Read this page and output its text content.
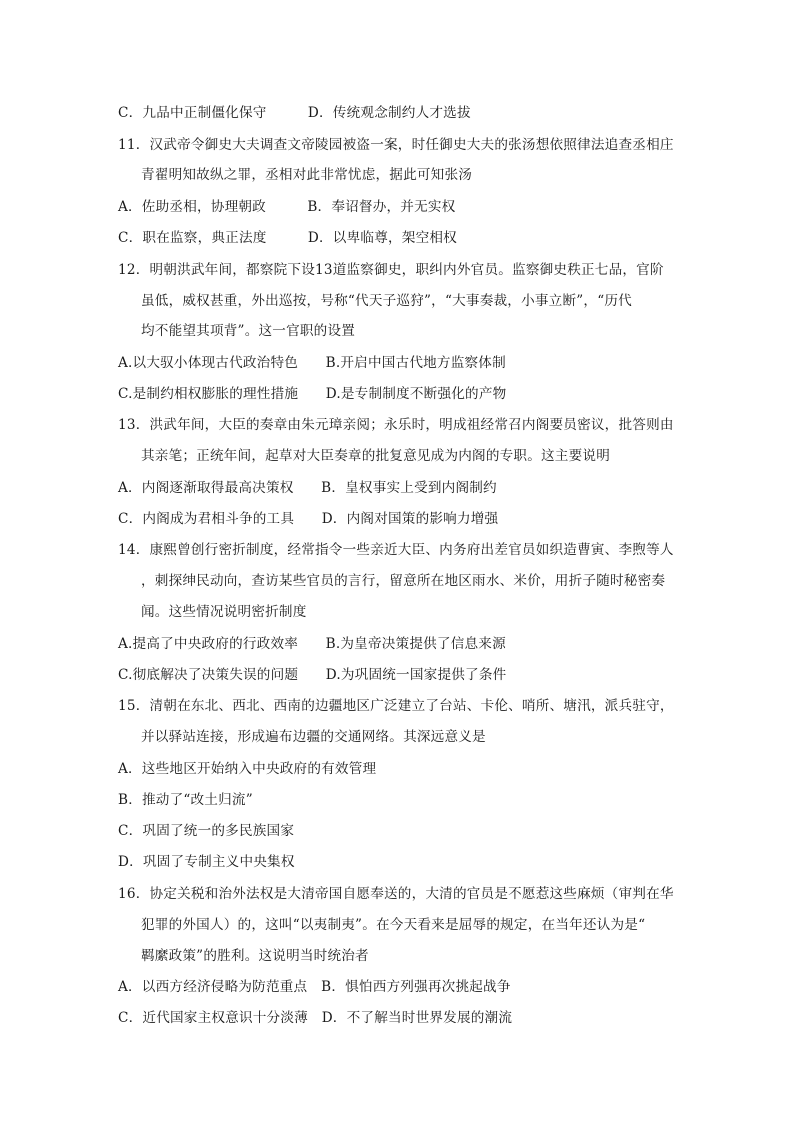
C．九品中正制僵化保守　　　D．传统观念制约人才选拔
11．汉武帝令御史大夫调查文帝陵园被盗一案，时任御史大夫的张汤想依照律法追查丞相庄
青翟明知故纵之罪，丞相对此非常忧虑，据此可知张汤
A．佐助丞相，协理朝政　　　B．奉诏督办，并无实权
C．职在监察，典正法度　　　D．以卑临尊，架空相权
12．明朝洪武年间，都察院下设13道监察御史，职纠内外官员。监察御史秩正七品，官阶
虽低，威权甚重，外出巡按，号称“代天子巡狩”，“大事奏裁，小事立断”，“历代
均不能望其项背”。这一官职的设置
A.以大驭小体现古代政治特色　　B.开启中国古代地方监察体制
C.是制约相权膨胀的理性措施　　D.是专制制度不断强化的产物
13．洪武年间，大臣的奏章由朱元璋亲阅；永乐时，明成祖经常召内阁要员密议，批答则由
其亲笔；正统年间，起草对大臣奏章的批复意见成为内阁的专职。这主要说明
A．内阁逐渐取得最高决策权　　B．皇权事实上受到内阁制约
C．内阁成为君相斗争的工具　　D．内阁对国策的影响力增强
14．康熙曾创行密折制度，经常指令一些亲近大臣、内务府出差官员如织造曹寅、李煦等人
，刺探绅民动向，查访某些官员的言行，留意所在地区雨水、米价，用折子随时秘密奏
闻。这些情况说明密折制度
A.提高了中央政府的行政效率　　B.为皇帝决策提供了信息来源
C.彻底解决了决策失误的问题　　D.为巩固统一国家提供了条件
15．清朝在东北、西北、西南的边疆地区广泛建立了台站、卡伦、哨所、塘汛，派兵驻守，
并以驿站连接，形成遍布边疆的交通网络。其深远意义是
A．这些地区开始纳入中央政府的有效管理
B．推动了“改土归流”
C．巩固了统一的多民族国家
D．巩固了专制主义中央集权
16．协定关税和治外法权是大清帝国自愿奉送的，大清的官员是不愿惹这些麻烦（审判在华
犯罪的外国人）的，这叫“以夷制夷”。在今天看来是屈辱的规定，在当年还认为是“
羁縻政策”的胜利。这说明当时统治者
A．以西方经济侵略为防范重点　B．惧怕西方列强再次挑起战争
C．近代国家主权意识十分淡薄　D．不了解当时世界发展的潮流
